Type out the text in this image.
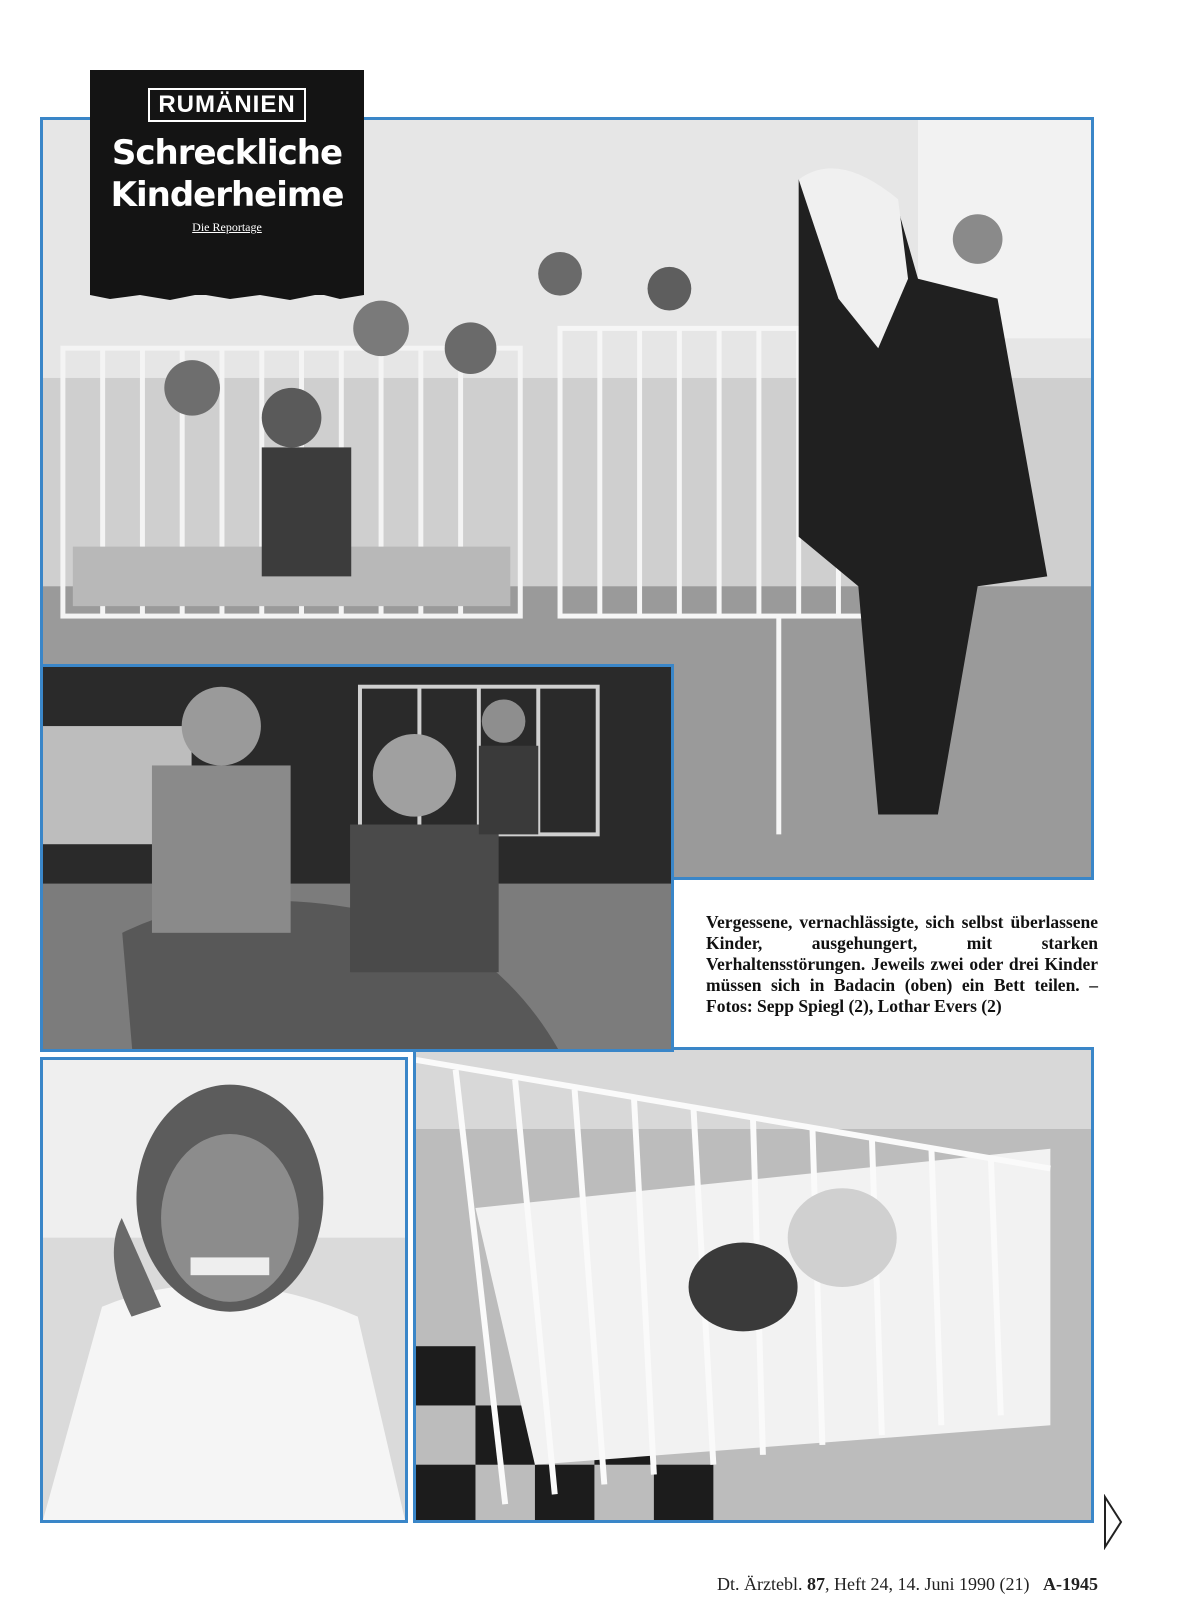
RUMÄNIEN
Schreckliche
Kinderheime
Die Reportage
Vergessene, vernachlässigte, sich selbst überlassene Kinder, ausgehungert, mit starken Verhaltensstörungen. Jeweils zwei oder drei Kinder müssen sich in Badacin (oben) ein Bett teilen. – Fotos: Sepp Spiegl (2), Lothar Evers (2)
Dt. Ärztebl. 87, Heft 24, 14. Juni 1990 (21) A-1945
